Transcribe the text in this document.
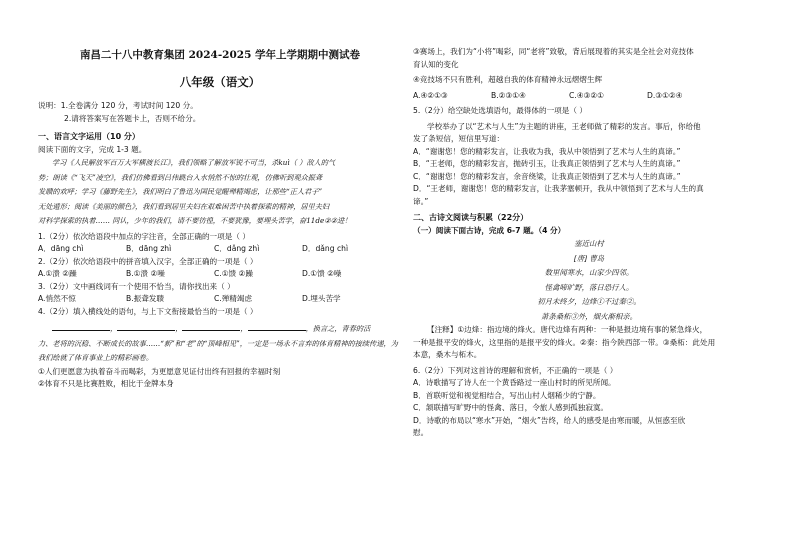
南昌二十八中教育集团 2024-2025 学年上学期期中测试卷
八年级（语文）

说明：1.全卷满分 120 分，考试时间 120 分。

2.请将答案写在答题卡上，否则不给分。

一、语言文字运用（10 分）

阅读下面的文字，完成 1-3 题。

学习《人民解放军百万大军横渡长江》，我们领略了解放军锐不可当，杀kuì（ ）敌人的气

势；朗读《“飞天”凌空》，我们仿佛看到吕伟跳台入水悄然不惊的壮观，仿佛听到观众振聋

发聩的欢呼；学习《藤野先生》，我们明白了鲁迅为国民觉醒殚精竭虑，让那些“正人君子”

无处遁形；阅读《美丽的颜色》，我们看到居里夫妇在艰难困苦中执着探索的精神，居里夫妇

对科学探索的执着…… 同认，少年的我们，请不要彷徨，不要犹豫，要埋头苦学，奋11de②②进！

1.（2分）依次给语段中加点的字注音，全部正确的一项是（ ）

A．dāng chì	B．dāng zhì	C．dǎng zhì	D．dǎng chì

2.（2分）依次给语段中的拼音填入汉字，全部正确的一项是（ ）

A.①溃 ②躁	B.①溃 ②噪	C.①馈 ②躁	D.①馈 ②噪

3.（2分）文中画线词有一个使用不恰当，请你找出来（ ）

A.悄然不惊	B.振聋发聩	C.殚精竭虑	D.埋头苦学

4.（2分）填入横线处的语句，与上下文衔接最恰当的一项是（ ）

，	，	，	，换言之，青春的活

力、老将的沉稳、不断成长的故事……“新”和“老”的“顶峰相见”，一定是一场永不言弃的体育精神的接续传递，为我们绘就了体育事业上的精彩画卷。

①人们更愿意为执着奋斗而喝彩，为更愿意见证付出终有回报的幸福时刻

②体育不只是比赛胜败，相比于金牌本身

③赛场上，我们为“小将”喝彩，同“老将”致敬，背后展现着的其实是全社会对竞技体

育认知的变化

④竞技场不只有胜利，超越自我的体育精神永远熠熠生辉

A.④②①③	B.②③①④	C.④③②①	D.③①②④

5.（2分）给空缺处选填语句，最得体的一项是（ ）

学校举办了以“艺术与人生”为主题的讲座，王老师做了精彩的发言。事后，你给他

发了条短信，短信里写道：

A．“谢谢您！您的精彩发言，让我收为我，我从中领悟到了艺术与人生的真谛。”

B．“王老师，您的精彩发言，抛砖引玉，让我真正领悟到了艺术与人生的真谛。”

C．“谢谢您！您的精彩发言，余音绕梁，让我真正领悟到了艺术与人生的真谛。”

D．“王老师，谢谢您！您的精彩发言，让我茅塞顿开，我从中领悟到了艺术与人生的真

谛。”

二、古诗文阅读与积累（22分）

（一）阅读下面古诗，完成 6-7 题。（4 分）

塞近山村

[唐] 曹岛

数里闻寒水，山家少四邻。

怪禽啼旷野，落日恐行人。

初月未终夕，边烽①不过秦②。

萧条桑柘③外，烟火渐相亲。

【注释】①边烽：指边境的烽火。唐代边烽有两种：一种是报边境有事的紧急烽火，

一种是报平安的烽火，这里指的是报平安的烽火。②秦：指今陕西部一带。③桑柘：此处用

本意，桑木与柘木。

6.（2分）下列对这首诗的理解和赏析，不正确的一项是（ ）

A．诗歌描写了诗人在一个黄昏路过一座山村时的所见所闻。

B．首联听觉和视觉相结合，写出山村人烟稀少的宁静。

C．颔联描写旷野中的怪禽、落日，令旅人感到孤独寂寞。

D．诗歌的布局以“寒水”开始，“烟火”告终，给人的感受是由寒而暖，从恒惑至欣

慰。
